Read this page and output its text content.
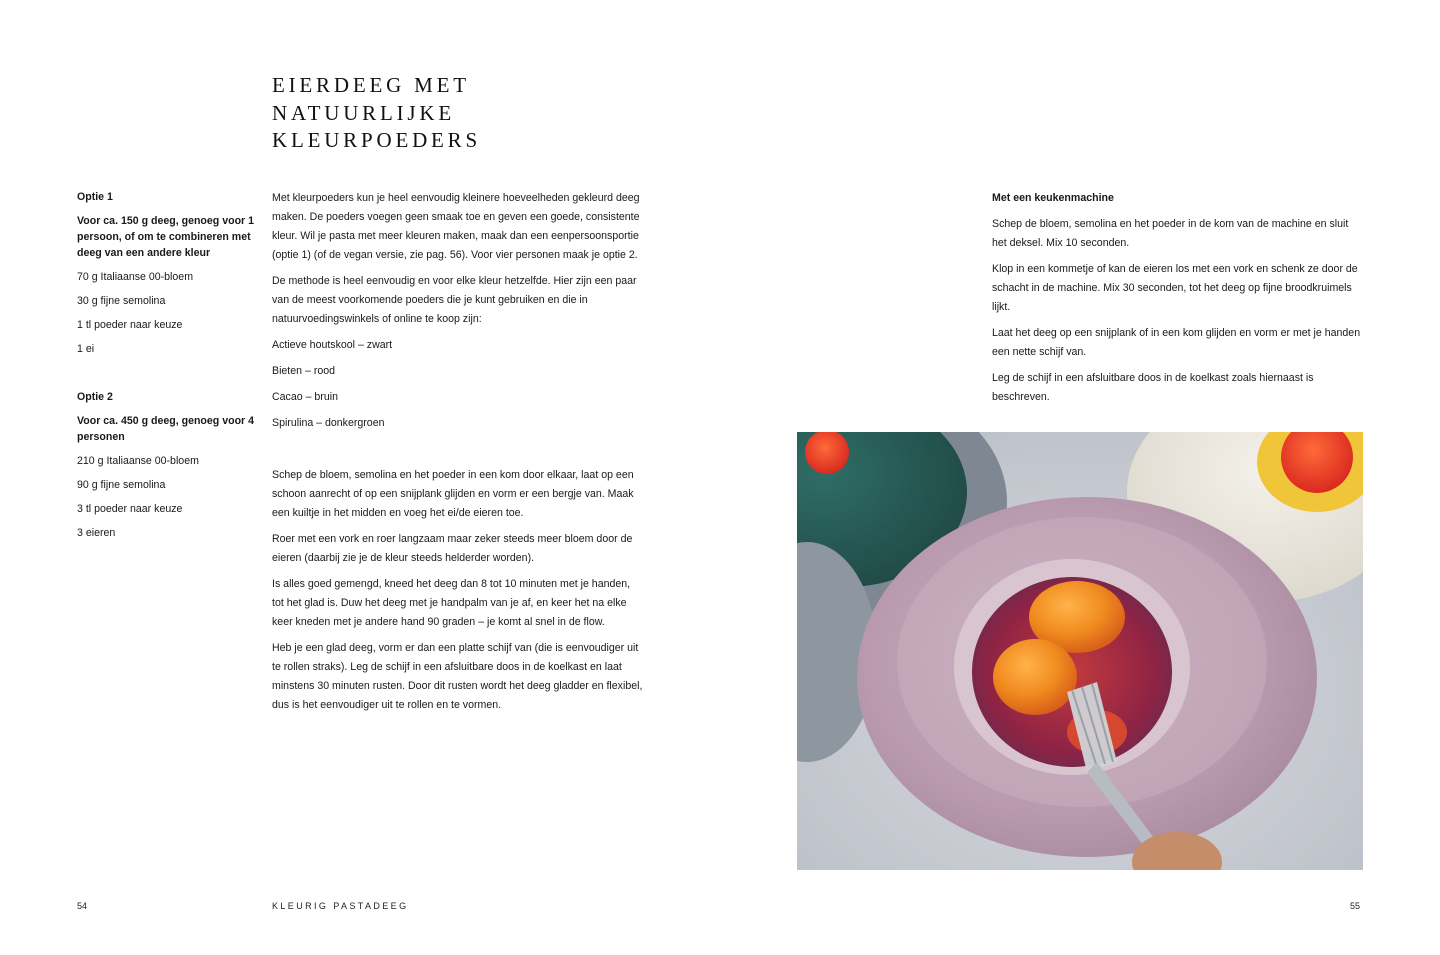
EIERDEEG MET
NATUURLIJKE
KLEURPOEDERS
Optie 1
Voor ca. 150 g deeg, genoeg voor 1 persoon, of om te combineren met deeg van een andere kleur
70 g Italiaanse 00-bloem
30 g fijne semolina
1 tl poeder naar keuze
1 ei
Optie 2
Voor ca. 450 g deeg, genoeg voor 4 personen
210 g Italiaanse 00-bloem
90 g fijne semolina
3 tl poeder naar keuze
3 eieren

Met kleurpoeders kun je heel eenvoudig kleinere hoeveelheden gekleurd deeg maken. De poeders voegen geen smaak toe en geven een goede, consistente kleur. Wil je pasta met meer kleuren maken, maak dan een eenpersoonsportie (optie 1) (of de vegan versie, zie pag. 56). Voor vier personen maak je optie 2.

De methode is heel eenvoudig en voor elke kleur hetzelfde. Hier zijn een paar van de meest voorkomende poeders die je kunt gebruiken en die in natuurvoedingswinkels of online te koop zijn:

Actieve houtskool – zwart

Bieten – rood

Cacao – bruin

Spirulina – donkergroen

Schep de bloem, semolina en het poeder in een kom door elkaar, laat op een schoon aanrecht of op een snijplank glijden en vorm er een bergje van. Maak een kuiltje in het midden en voeg het ei/de eieren toe.

Roer met een vork en roer langzaam maar zeker steeds meer bloem door de eieren (daarbij zie je de kleur steeds helderder worden).

Is alles goed gemengd, kneed het deeg dan 8 tot 10 minuten met je handen, tot het glad is. Duw het deeg met je handpalm van je af, en keer het na elke keer kneden met je andere hand 90 graden – je komt al snel in de flow.

Heb je een glad deeg, vorm er dan een platte schijf van (die is eenvoudiger uit te rollen straks). Leg de schijf in een afsluitbare doos in de koelkast en laat minstens 30 minuten rusten. Door dit rusten wordt het deeg gladder en flexibel, dus is het eenvoudiger uit te rollen en te vormen.

Met een keukenmachine

Schep de bloem, semolina en het poeder in de kom van de machine en sluit het deksel. Mix 10 seconden.

Klop in een kommetje of kan de eieren los met een vork en schenk ze door de schacht in de machine. Mix 30 seconden, tot het deeg op fijne broodkruimels lijkt.

Laat het deeg op een snijplank of in een kom glijden en vorm er met je handen een nette schijf van.

Leg de schijf in een afsluitbare doos in de koelkast zoals hiernaast is beschreven.

54	KLEURIG PASTADEEG	55
